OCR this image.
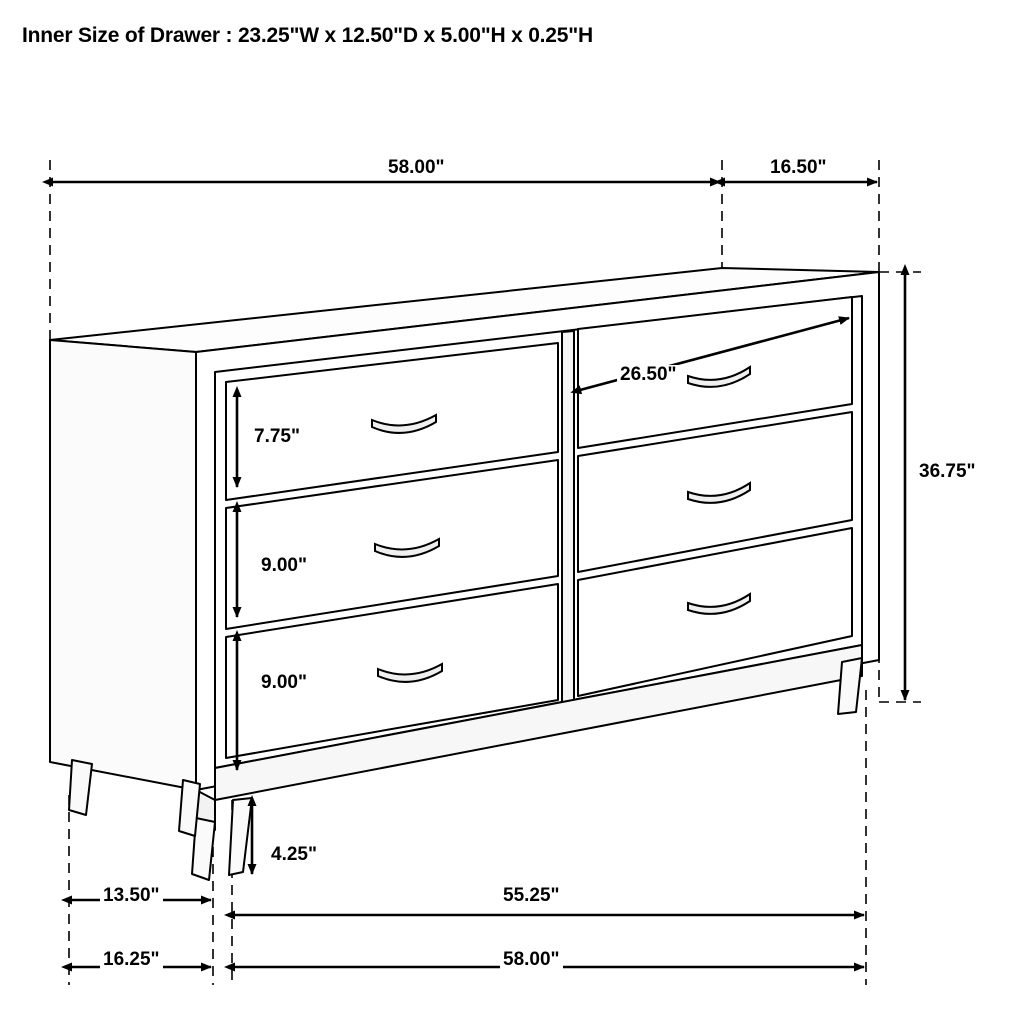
Inner Size of Drawer : 23.25"W x 12.50"D x 5.00"H x 0.25"H
58.00"	16.50"
26.50"
7.75"
9.00"
9.00"
36.75"
4.25"
13.50"
16.25"
55.25"
58.00"
